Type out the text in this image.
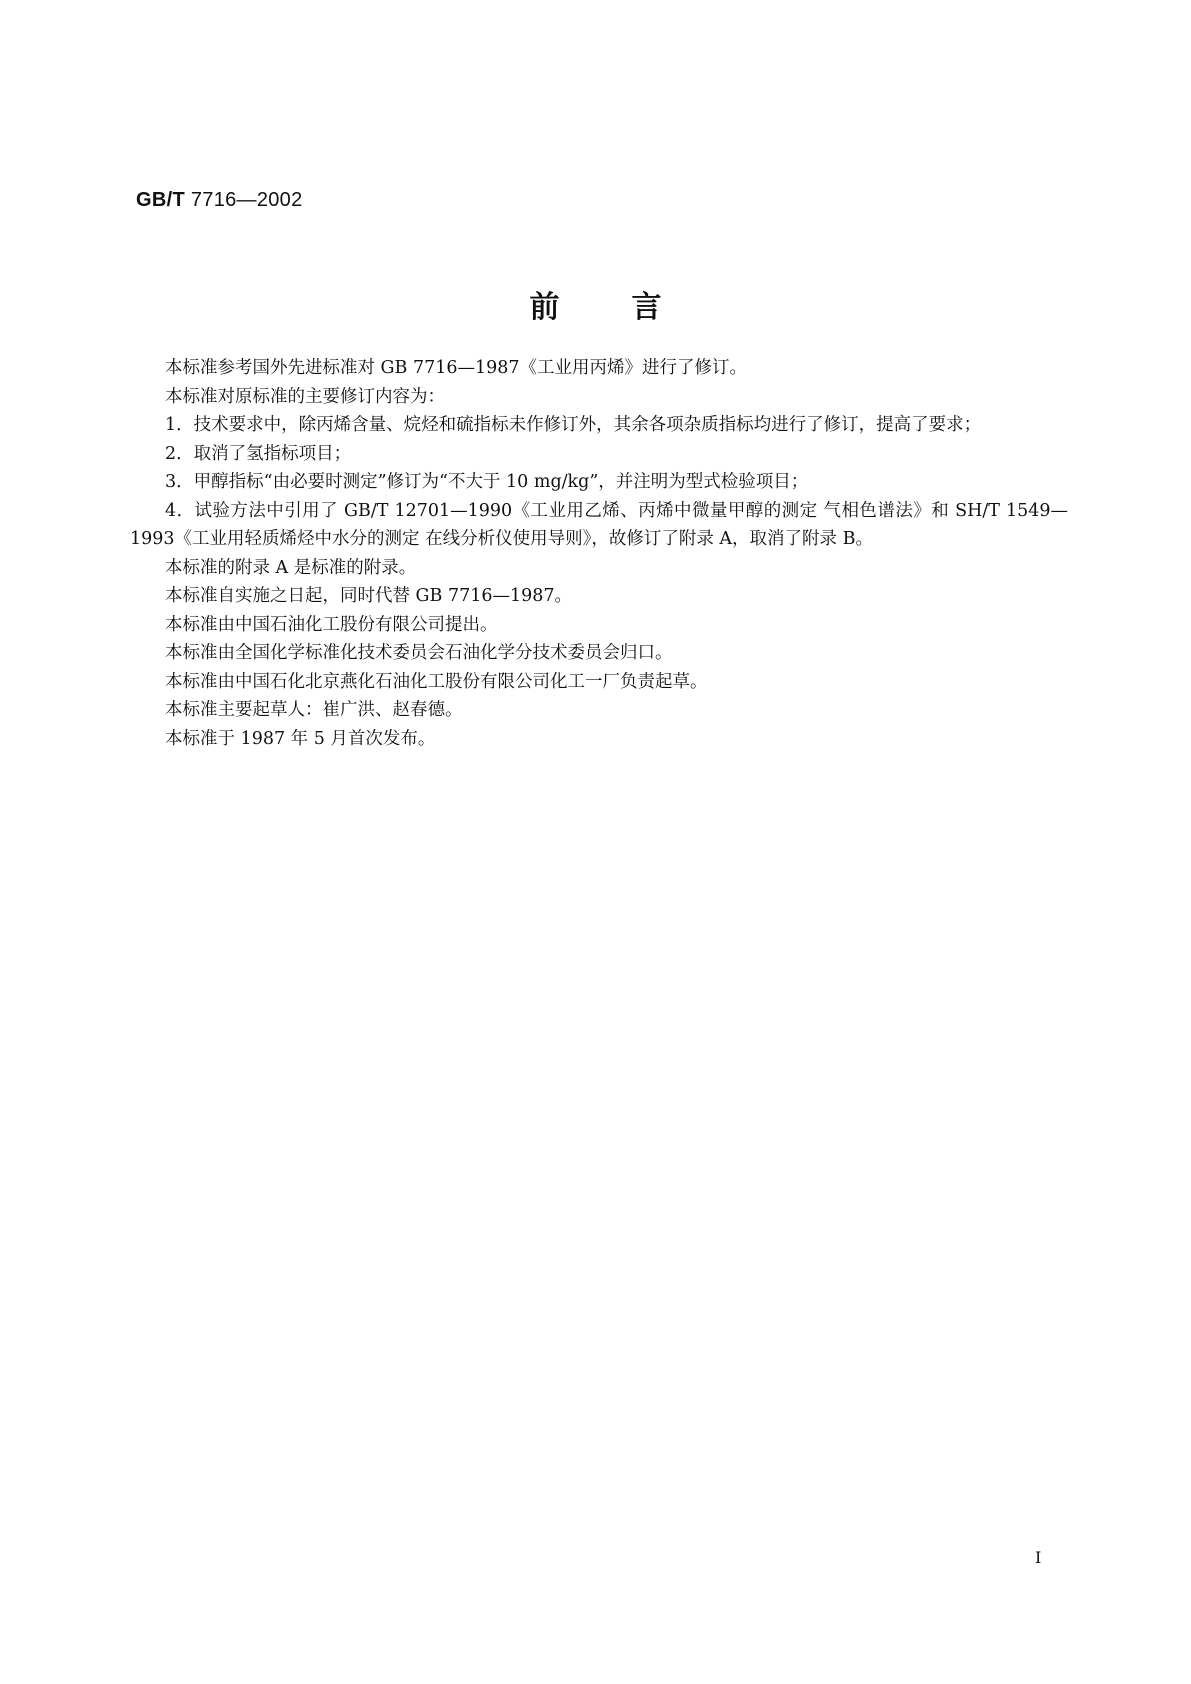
GB/T 7716—2002
前言

本标准参考国外先进标准对 GB 7716—1987《工业用丙烯》进行了修订。

本标准对原标准的主要修订内容为：

1．技术要求中，除丙烯含量、烷烃和硫指标未作修订外，其余各项杂质指标均进行了修订，提高了要求；

2．取消了氢指标项目；

3．甲醇指标“由必要时测定”修订为“不大于 10 mg/kg”，并注明为型式检验项目；

4．试验方法中引用了 GB/T 12701—1990《工业用乙烯、丙烯中微量甲醇的测定 气相色谱法》和 SH/T 1549—1993《工业用轻质烯烃中水分的测定 在线分析仪使用导则》，故修订了附录 A，取消了附录 B。

本标准的附录 A 是标准的附录。

本标准自实施之日起，同时代替 GB 7716—1987。

本标准由中国石油化工股份有限公司提出。

本标准由全国化学标准化技术委员会石油化学分技术委员会归口。

本标准由中国石化北京燕化石油化工股份有限公司化工一厂负责起草。

本标准主要起草人：崔广洪、赵春德。

本标准于 1987 年 5 月首次发布。

I
